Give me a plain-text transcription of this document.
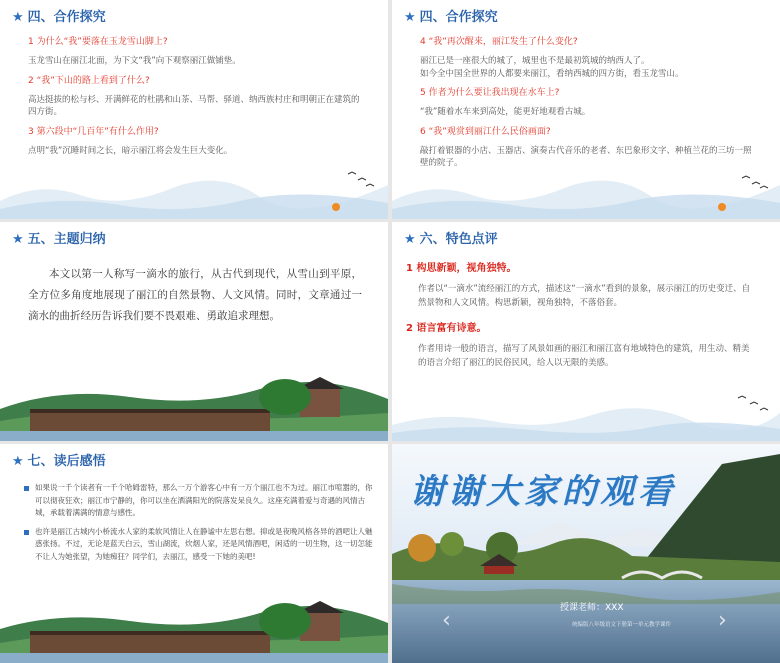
★ 四、合作探究
1 为什么“我”要落在玉龙雪山脚上?
玉龙雪山在丽江北面，为下文“我”向下观察丽江做铺垫。
2 “我”下山的路上看到了什么?
高达挺拔的松与杉、开满鲜花的杜鹃和山茶、马帮、驿道、纳西族村庄和明朝正在建筑的四方街。
3 第六段中“几百年”有什么作用?
点明“我”沉睡时间之长，暗示丽江将会发生巨大变化。
★ 四、合作探究
4 “我”再次醒来，丽江发生了什么变化?
丽江已是一座很大的城了，城里也不是最初筑城的纳西人了。
如今全中国全世界的人都要来丽江，看纳西城的四方街，看玉龙雪山。
5 作者为什么要让我出现在水车上?
“我”随着水车来到高处，能更好地观看古城。
6 “我”观赏到丽江什么民俗画面?
敲打着银器的小店、玉器店、演奏古代音乐的老者、东巴象形文字、种植兰花的三坊一照壁的院子。
★ 五、主题归纳
本文以第一人称写一滴水的旅行，从古代到现代，从雪山到平原，全方位多角度地展现了丽江的自然景物、人文风情。同时，文章通过一滴水的曲折经历告诉我们要不畏艰难、勇敢追求理想。
★ 六、特色点评
1 构思新颖，视角独特。
作者以“一滴水”流经丽江的方式，描述这“一滴水”看到的景象，展示丽江的历史变迁、自然景物和人文风情。构思新颖，视角独特，不落俗套。
2 语言富有诗意。
作者用诗一般的语言，描写了风景如画的丽江和丽江富有地域特色的建筑，用生动、精美的语言介绍了丽江的民俗民风，给人以无限的美感。
★ 七、读后感悟
如果说一千个读者有一千个哈姆雷特，那么一万个游客心中有一万个丽江也不为过。丽江市喧嚣的，你可以彻夜狂欢；丽江市宁静的，你可以坐在洒满阳光的院落发呆良久。这座充满着爱与奇遇的风情古城，承载着满满的情意与感性。
也许是丽江古城内小桥流水人家的柔软风情让人在静谧中左思右想。抑或是夜晚风格各异的酒吧让人魅惑张扬。不过，无论是蓝天白云，雪山湖流，炊烟人家，还是风情酒吧，闲适的一切生物，这一切怎能不让人为她张望，为她痴狂？同学们，去丽江，感受一下她的美吧!
谢谢大家的观看
‹	›
授课老师：XXX
统编版八年级语文下册第一单元教学课件
